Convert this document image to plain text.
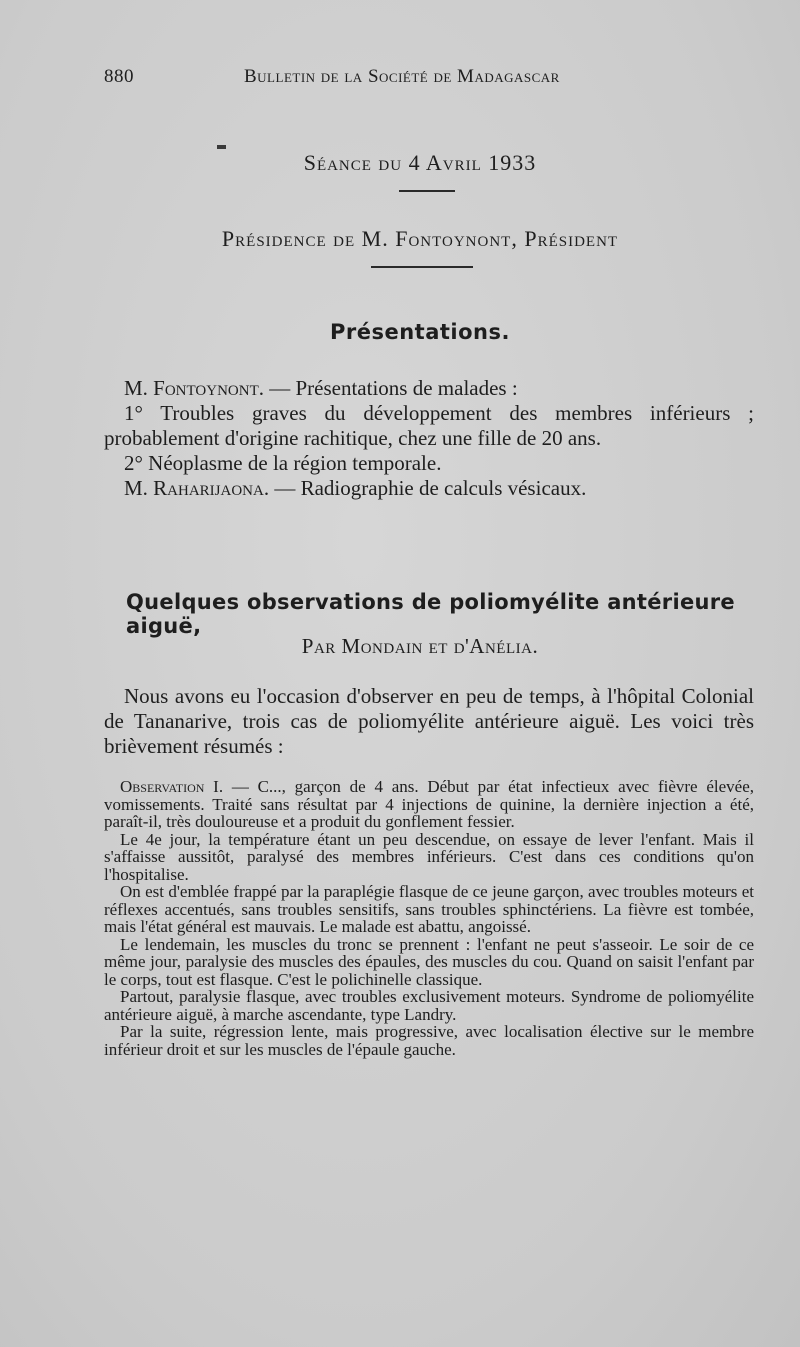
880	Bulletin de la Société de Madagascar
Séance du 4 Avril 1933
Présidence de M. Fontoynont, Président
Présentations.

M. Fontoynont. — Présentations de malades :

1° Troubles graves du développement des membres inférieurs ; probablement d'origine rachitique, chez une fille de 20 ans.

2° Néoplasme de la région temporale.

M. Raharijaona. — Radiographie de calculs vésicaux.

Quelques observations de poliomyélite antérieure aiguë,
Par Mondain et d'Anélia.

Nous avons eu l'occasion d'observer en peu de temps, à l'hôpital Colonial de Tananarive, trois cas de poliomyélite antérieure aiguë. Les voici très brièvement résumés :

Observation I. — C..., garçon de 4 ans. Début par état infectieux avec fièvre élevée, vomissements. Traité sans résultat par 4 injections de quinine, la dernière injection a été, paraît-il, très douloureuse et a produit du gonflement fessier.

Le 4e jour, la température étant un peu descendue, on essaye de lever l'enfant. Mais il s'affaisse aussitôt, paralysé des membres inférieurs. C'est dans ces conditions qu'on l'hospitalise.

On est d'emblée frappé par la paraplégie flasque de ce jeune garçon, avec troubles moteurs et réflexes accentués, sans troubles sensitifs, sans troubles sphinctériens. La fièvre est tombée, mais l'état général est mauvais. Le malade est abattu, angoissé.

Le lendemain, les muscles du tronc se prennent : l'enfant ne peut s'asseoir. Le soir de ce même jour, paralysie des muscles des épaules, des muscles du cou. Quand on saisit l'enfant par le corps, tout est flasque. C'est le polichinelle classique.

Partout, paralysie flasque, avec troubles exclusivement moteurs. Syndrome de poliomyélite antérieure aiguë, à marche ascendante, type Landry.

Par la suite, régression lente, mais progressive, avec localisation élective sur le membre inférieur droit et sur les muscles de l'épaule gauche.
